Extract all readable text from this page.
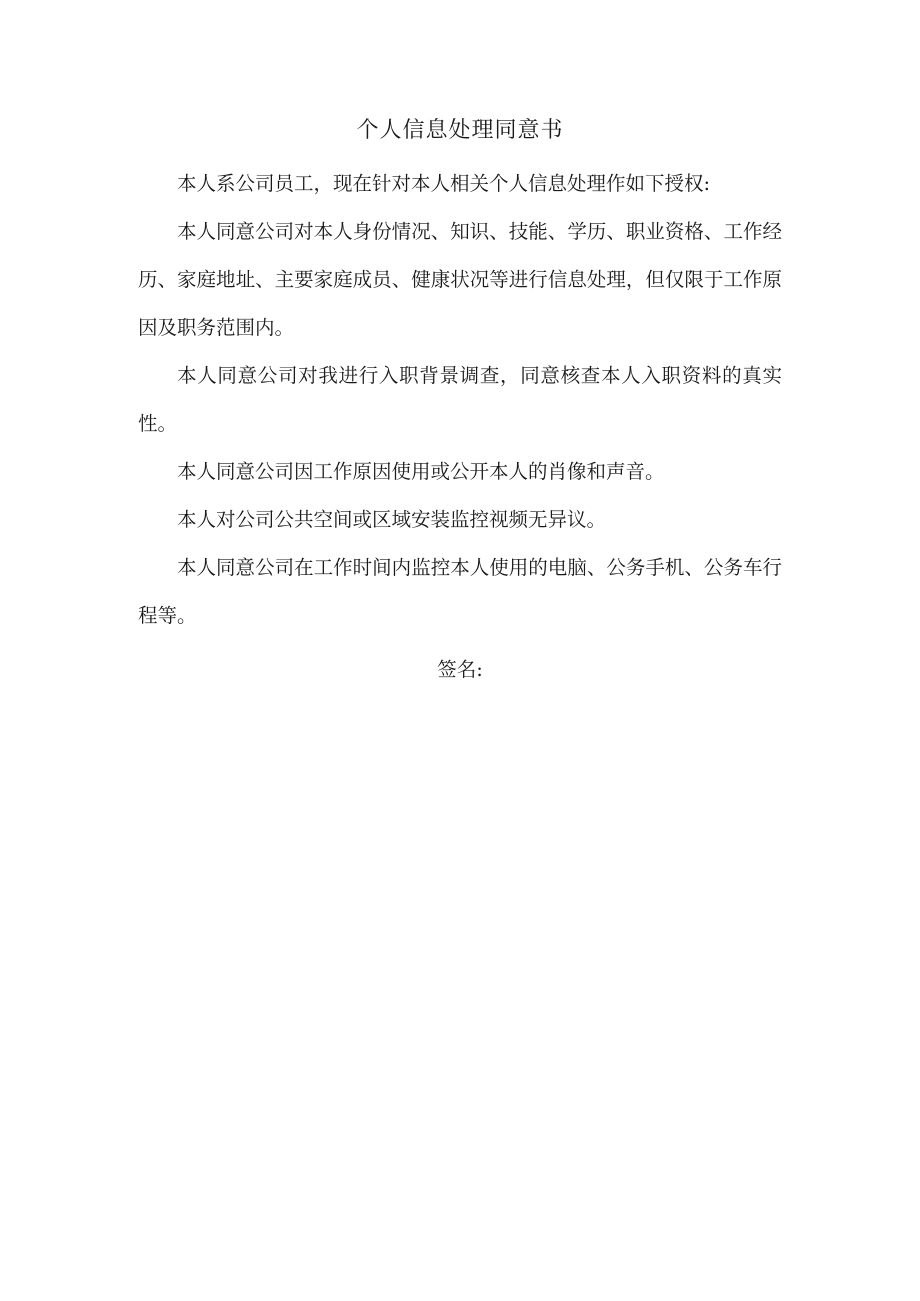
个人信息处理同意书

本人系公司员工，现在针对本人相关个人信息处理作如下授权:

本人同意公司对本人身份情况、知识、技能、学历、职业资格、工作经历、家庭地址、主要家庭成员、健康状况等进行信息处理，但仅限于工作原因及职务范围内。

本人同意公司对我进行入职背景调查，同意核查本人入职资料的真实性。

本人同意公司因工作原因使用或公开本人的肖像和声音。

本人对公司公共空间或区域安装监控视频无异议。

本人同意公司在工作时间内监控本人使用的电脑、公务手机、公务车行程等。

签名:
